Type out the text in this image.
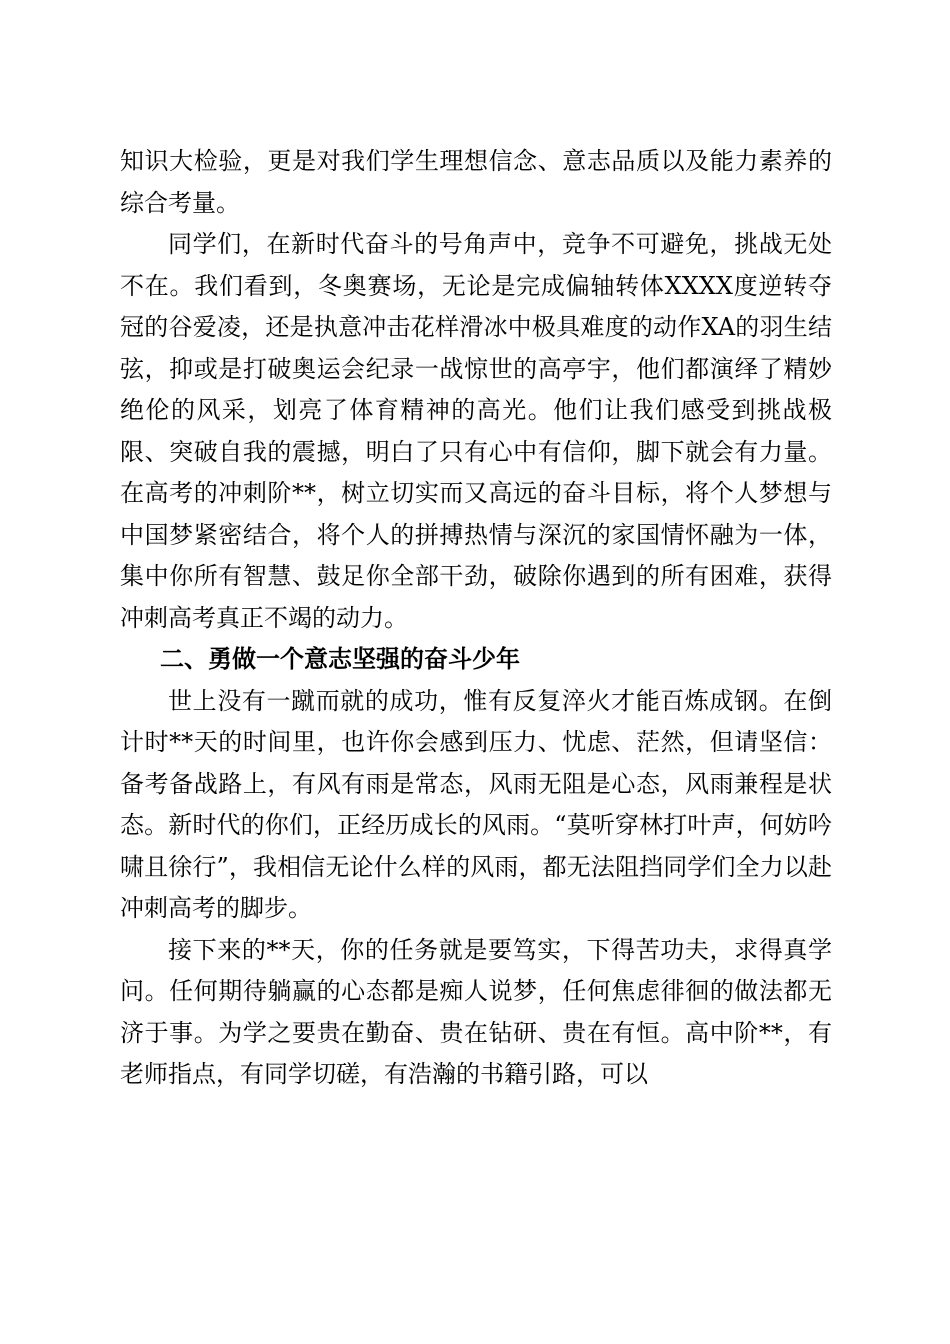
知识大检验，更是对我们学生理想信念、意志品质以及能力素养的综合考量。

同学们，在新时代奋斗的号角声中，竞争不可避免，挑战无处不在。我们看到，冬奥赛场，无论是完成偏轴转体XXXX度逆转夺冠的谷爱凌，还是执意冲击花样滑冰中极具难度的动作XA的羽生结弦，抑或是打破奥运会纪录一战惊世的高亭宇，他们都演绎了精妙绝伦的风采，划亮了体育精神的高光。他们让我们感受到挑战极限、突破自我的震撼，明白了只有心中有信仰，脚下就会有力量。在高考的冲刺阶**，树立切实而又高远的奋斗目标，将个人梦想与中国梦紧密结合，将个人的拼搏热情与深沉的家国情怀融为一体，集中你所有智慧、鼓足你全部干劲，破除你遇到的所有困难，获得冲刺高考真正不竭的动力。

二、勇做一个意志坚强的奋斗少年

世上没有一蹴而就的成功，惟有反复淬火才能百炼成钢。在倒计时**天的时间里，也许你会感到压力、忧虑、茫然，但请坚信：备考备战路上，有风有雨是常态，风雨无阻是心态，风雨兼程是状态。新时代的你们，正经历成长的风雨。“莫听穿林打叶声，何妨吟啸且徐行”，我相信无论什么样的风雨，都无法阻挡同学们全力以赴冲刺高考的脚步。

接下来的**天，你的任务就是要笃实，下得苦功夫，求得真学问。任何期待躺赢的心态都是痴人说梦，任何焦虑徘徊的做法都无济于事。为学之要贵在勤奋、贵在钻研、贵在有恒。高中阶**，有老师指点，有同学切磋，有浩瀚的书籍引路，可以
